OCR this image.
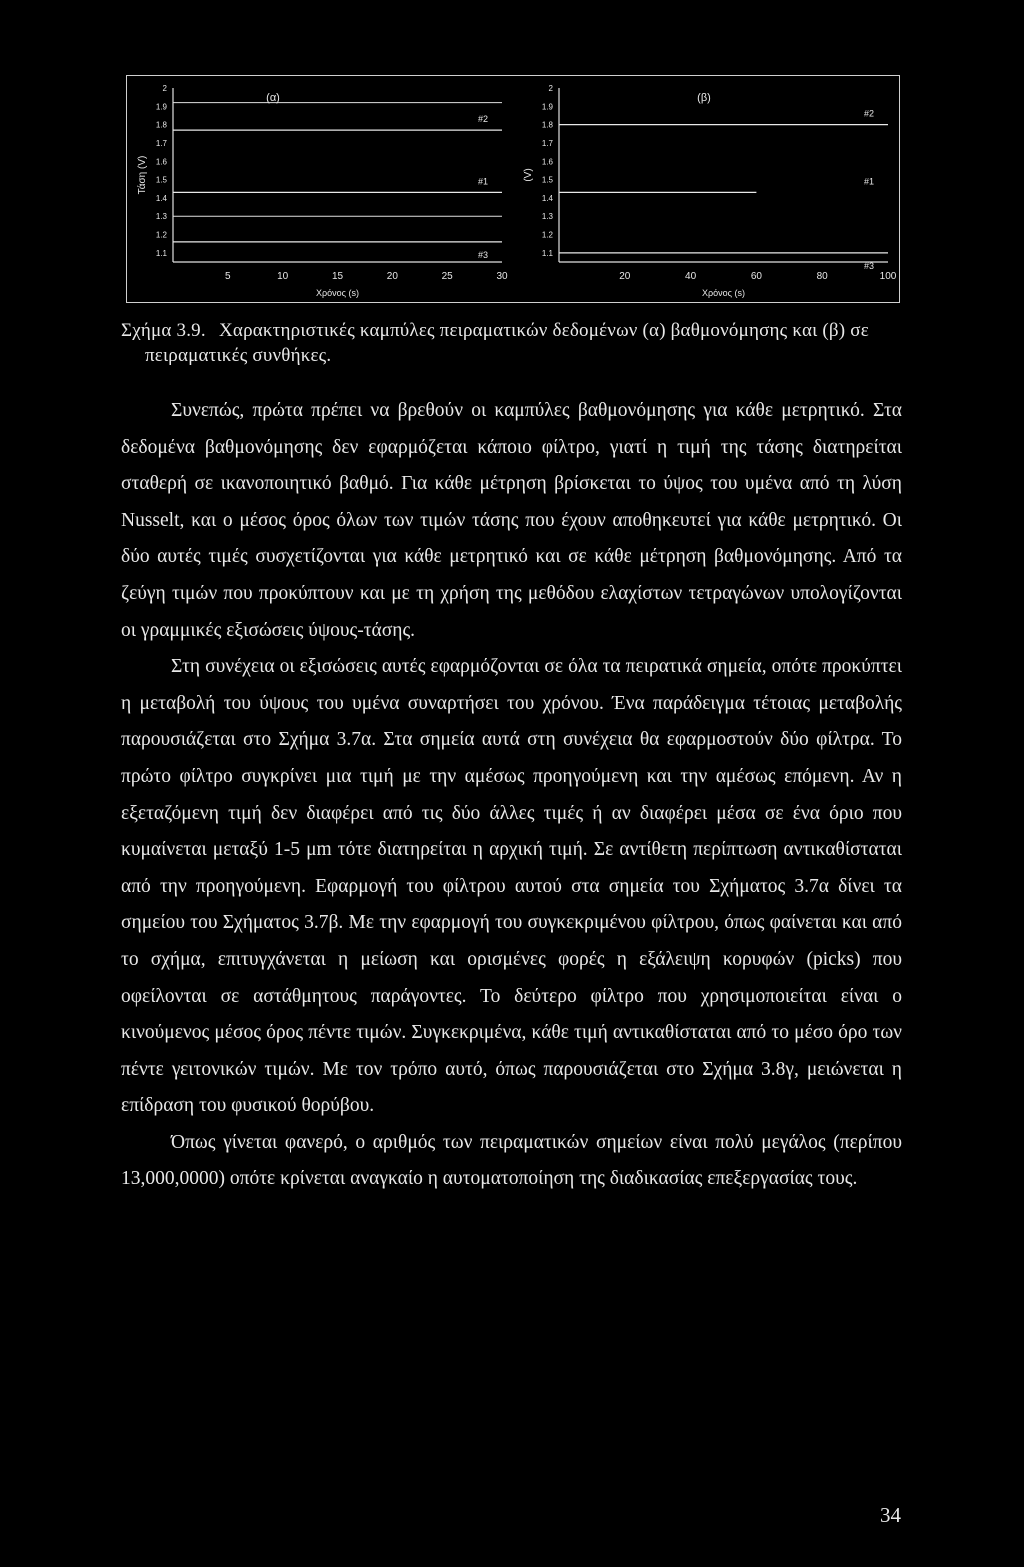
2
1.9
1.8
1.7
1.6
1.5
1.4
1.3
1.2
1.1
5	10	15	20	25	30
Χρόνος (s)
Τάση (V)
(α)
#2
#1
#3
2
1.9
1.8
1.7
1.6
1.5
1.4
1.3
1.2
1.1
20	40	60	80	100
Χρόνος (s)
(V)
(β)
#2
#1
#3
Σχήμα 3.9. Χαρακτηριστικές καμπύλες πειραματικών δεδομένων (α) βαθμονόμησης και (β) σε
πειραματικές συνθήκες.

Συνεπώς, πρώτα πρέπει να βρεθούν οι καμπύλες βαθμονόμησης για κάθε μετρητικό. Στα δεδομένα βαθμονόμησης δεν εφαρμόζεται κάποιο φίλτρο, γιατί η τιμή της τάσης διατηρείται σταθερή σε ικανοποιητικό βαθμό. Για κάθε μέτρηση βρίσκεται το ύψος του υμένα από τη λύση Nusselt, και ο μέσος όρος όλων των τιμών τάσης που έχουν αποθηκευτεί για κάθε μετρητικό. Οι δύο αυτές τιμές συσχετίζονται για κάθε μετρητικό και σε κάθε μέτρηση βαθμονόμησης. Από τα ζεύγη τιμών που προκύπτουν και με τη χρήση της μεθόδου ελαχίστων τετραγώνων υπολογίζονται οι γραμμικές εξισώσεις ύψους-τάσης.

Στη συνέχεια οι εξισώσεις αυτές εφαρμόζονται σε όλα τα πειρατικά σημεία, οπότε προκύπτει η μεταβολή του ύψους του υμένα συναρτήσει του χρόνου. Ένα παράδειγμα τέτοιας μεταβολής παρουσιάζεται στο Σχήμα 3.7α. Στα σημεία αυτά στη συνέχεια θα εφαρμοστούν δύο φίλτρα. Το πρώτο φίλτρο συγκρίνει μια τιμή με την αμέσως προηγούμενη και την αμέσως επόμενη. Αν η εξεταζόμενη τιμή δεν διαφέρει από τις δύο άλλες τιμές ή αν διαφέρει μέσα σε ένα όριο που κυμαίνεται μεταξύ 1-5 μm τότε διατηρείται η αρχική τιμή. Σε αντίθετη περίπτωση αντικαθίσταται από την προηγούμενη. Εφαρμογή του φίλτρου αυτού στα σημεία του Σχήματος 3.7α δίνει τα σημείου του Σχήματος 3.7β. Με την εφαρμογή του συγκεκριμένου φίλτρου, όπως φαίνεται και από το σχήμα, επιτυγχάνεται η μείωση και ορισμένες φορές η εξάλειψη κορυφών (picks) που οφείλονται σε αστάθμητους παράγοντες. Το δεύτερο φίλτρο που χρησιμοποιείται είναι ο κινούμενος μέσος όρος πέντε τιμών. Συγκεκριμένα, κάθε τιμή αντικαθίσταται από το μέσο όρο των πέντε γειτονικών τιμών. Με τον τρόπο αυτό, όπως παρουσιάζεται στο Σχήμα 3.8γ, μειώνεται η επίδραση του φυσικού θορύβου.

Όπως γίνεται φανερό, ο αριθμός των πειραματικών σημείων είναι πολύ μεγάλος (περίπου 13,000,0000) οπότε κρίνεται αναγκαίο η αυτοματοποίηση της διαδικασίας επεξεργασίας τους.

34
